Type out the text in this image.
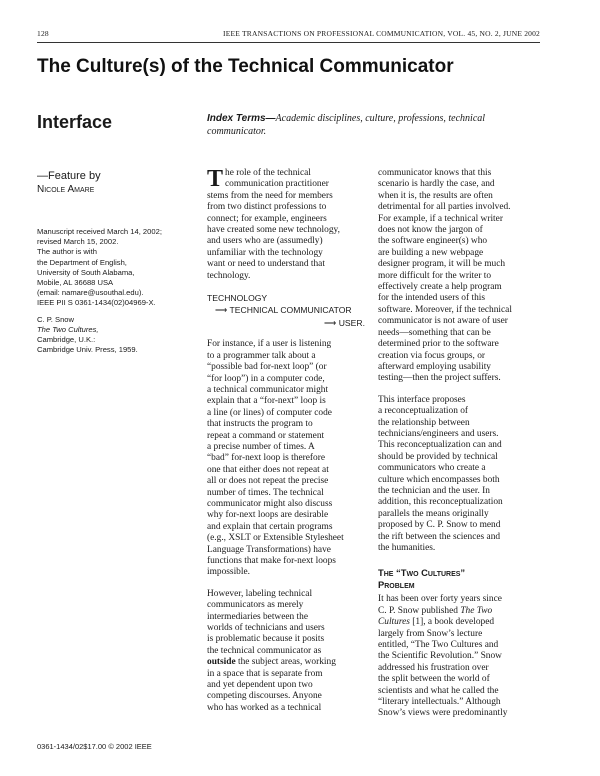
128	IEEE TRANSACTIONS ON PROFESSIONAL COMMUNICATION, VOL. 45, NO. 2, JUNE 2002
The Culture(s) of the Technical Communicator
Interface	Index Terms—Academic disciplines, culture, professions, technical communicator.
—Feature by
Nicole Amare

Manuscript received March 14, 2002;

revised March 15, 2002.

The author is with

the Department of English,

University of South Alabama,

Mobile, AL 36688 USA

(email: namare@usouthal.edu).

IEEE PII S 0361-1434(02)04969-X.

C. P. Snow

The Two Cultures,

Cambridge, U.K.:

Cambridge Univ. Press, 1959.

T he role of the technical

communication practitioner

stems from the need for members

from two distinct professions to

connect; for example, engineers

have created some new technology,

and users who are (assumedly)

unfamiliar with the technology

want or need to understand that

technology.

TECHNOLOGY
⟶ TECHNICAL COMMUNICATOR
⟶ USER.

For instance, if a user is listening

to a programmer talk about a

“possible bad for-next loop” (or

“for loop”) in a computer code,

a technical communicator might

explain that a “for-next” loop is

a line (or lines) of computer code

that instructs the program to

repeat a command or statement

a precise number of times. A

“bad” for-next loop is therefore

one that either does not repeat at

all or does not repeat the precise

number of times. The technical

communicator might also discuss

why for-next loops are desirable

and explain that certain programs

(e.g., XSLT or Extensible Stylesheet

Language Transformations) have

functions that make for-next loops

impossible.

However, labeling technical

communicators as merely

intermediaries between the

worlds of technicians and users

is problematic because it posits

the technical communicator as

outside the subject areas, working

in a space that is separate from

and yet dependent upon two

competing discourses. Anyone

who has worked as a technical

communicator knows that this

scenario is hardly the case, and

when it is, the results are often

detrimental for all parties involved.

For example, if a technical writer

does not know the jargon of

the software engineer(s) who

are building a new webpage

designer program, it will be much

more difficult for the writer to

effectively create a help program

for the intended users of this

software. Moreover, if the technical

communicator is not aware of user

needs—something that can be

determined prior to the software

creation via focus groups, or

afterward employing usability

testing—then the project suffers.

This interface proposes

a reconceptualization of

the relationship between

technicians/engineers and users.

This reconceptualization can and

should be provided by technical

communicators who create a

culture which encompasses both

the technician and the user. In

addition, this reconceptualization

parallels the means originally

proposed by C. P. Snow to mend

the rift between the sciences and

the humanities.

The “Two Cultures”
Problem

It has been over forty years since

C. P. Snow published The Two

Cultures [1], a book developed

largely from Snow’s lecture

entitled, “The Two Cultures and

the Scientific Revolution.” Snow

addressed his frustration over

the split between the world of

scientists and what he called the

“literary intellectuals.” Although

Snow’s views were predominantly

0361-1434/02$17.00 © 2002 IEEE
